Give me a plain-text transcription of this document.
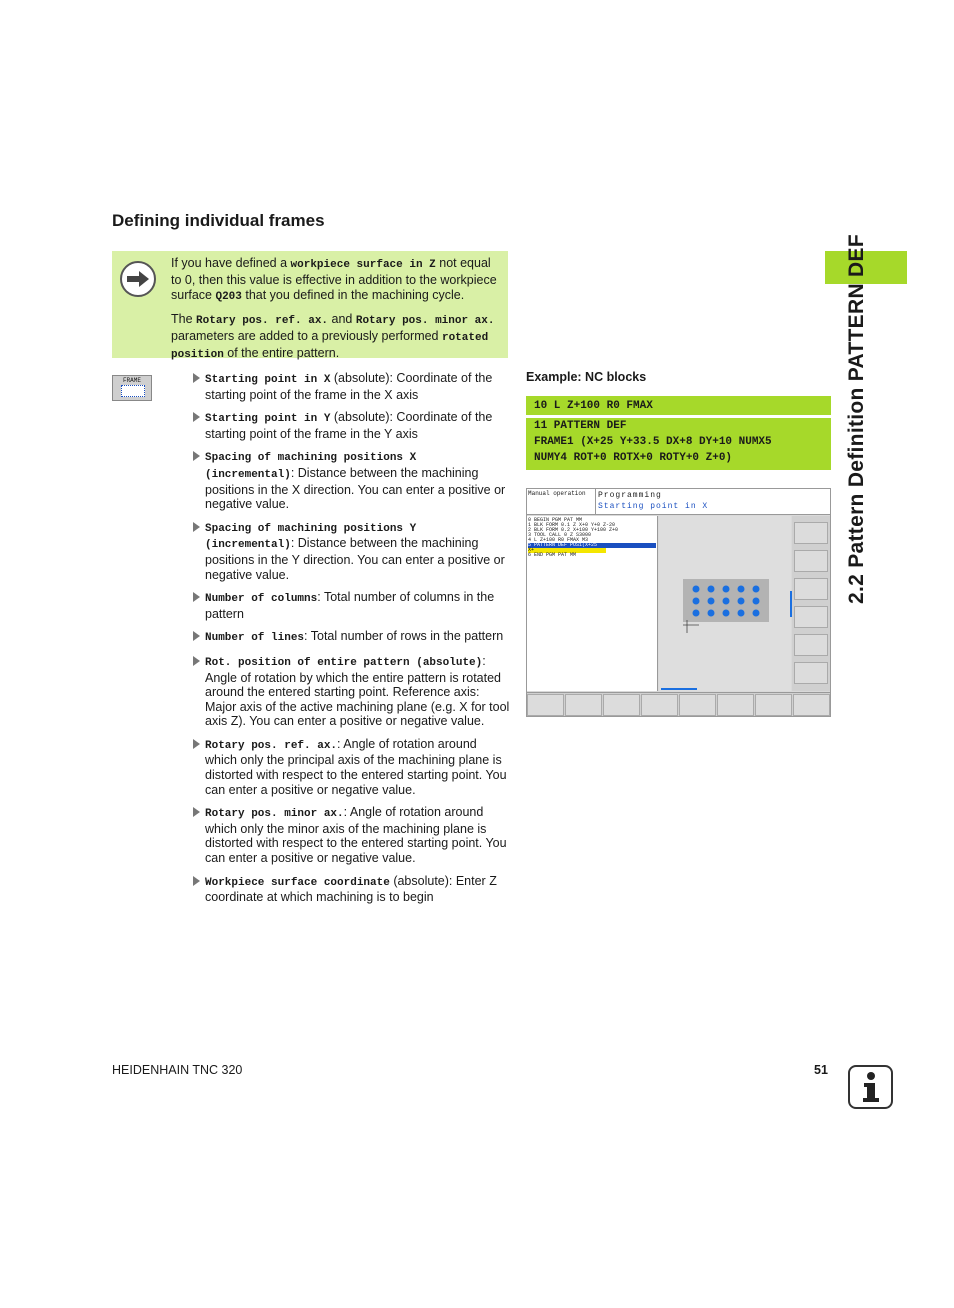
Defining individual frames

If you have defined a workpiece surface in Z not equal to 0, then this value is effective in addition to the workpiece surface Q203 that you defined in the machining cycle.

The Rotary pos. ref. ax. and Rotary pos. minor ax. parameters are added to a previously performed rotated position of the entire pattern.

FRAME	Starting point in X (absolute): Coordinate of the starting point of the frame in the X axis
Starting point in Y (absolute): Coordinate of the starting point of the frame in the Y axis
Spacing of machining positions X (incremental): Distance between the machining positions in the X direction. You can enter a positive or negative value.
Spacing of machining positions Y (incremental): Distance between the machining positions in the Y direction. You can enter a positive or negative value.
Number of columns: Total number of columns in the pattern
Number of lines: Total number of rows in the pattern
Rot. position of entire pattern (absolute): Angle of rotation by which the entire pattern is rotated around the entered starting point. Reference axis: Major axis of the active machining plane (e.g. X for tool axis Z). You can enter a positive or negative value.
Rotary pos. ref. ax.: Angle of rotation around which only the principal axis of the machining plane is distorted with respect to the entered starting point. You can enter a positive or negative value.
Rotary pos. minor ax.: Angle of rotation around which only the minor axis of the machining plane is distorted with respect to the entered starting point. You can enter a positive or negative value.
Workpiece surface coordinate (absolute): Enter Z coordinate at which machining is to begin
Example: NC blocks
10 L Z+100 R0 FMAX
11 PATTERN DEF
FRAME1 (X+25 Y+33.5 DX+8 DY+10 NUMX5
NUMY4 ROT+0 ROTX+0 ROTY+0 Z+0)
Manual operation Programming
Starting point in X
0 BEGIN PGM PAT MM
1 BLK FORM 0.1 Z X+0 Y+0 Z-20
2 BLK FORM 0.2 X+100 Y+100 Z+0
3 TOOL CALL 0 Z S3000
4 L Z+100 R0 FMAX M3
5 PATTERN DEF POS1(X+25
X+
6 END PGM PAT MM	2.2 Pattern Definition PATTERN DEF
HEIDENHAIN TNC 320	51
